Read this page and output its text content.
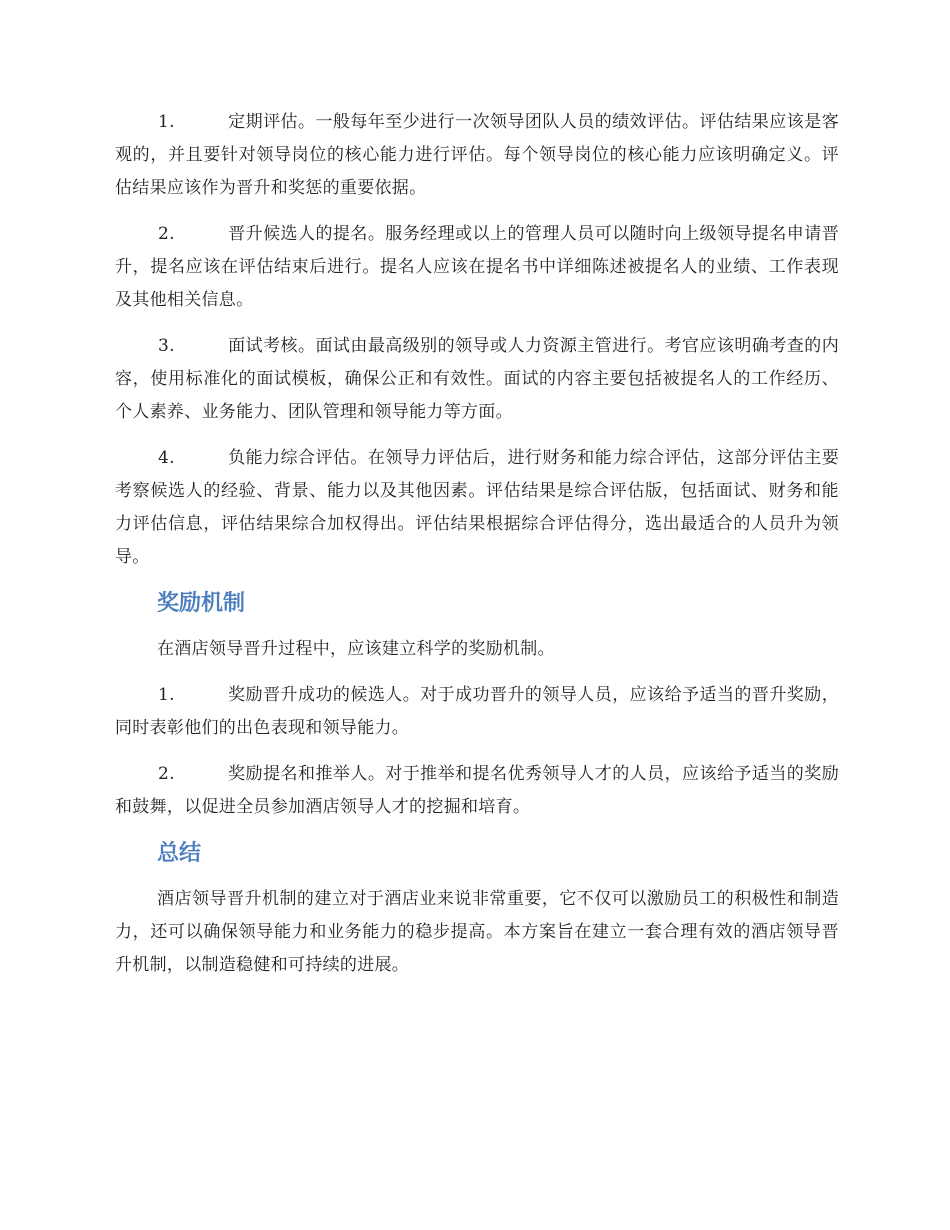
1.	定期评估。一般每年至少进行一次领导团队人员的绩效评估。评估结果应该是客观的，并且要针对领导岗位的核心能力进行评估。每个领导岗位的核心能力应该明确定义。评估结果应该作为晋升和奖惩的重要依据。

2.	晋升候选人的提名。服务经理或以上的管理人员可以随时向上级领导提名申请晋升，提名应该在评估结束后进行。提名人应该在提名书中详细陈述被提名人的业绩、工作表现及其他相关信息。

3.	面试考核。面试由最高级别的领导或人力资源主管进行。考官应该明确考查的内容，使用标准化的面试模板，确保公正和有效性。面试的内容主要包括被提名人的工作经历、个人素养、业务能力、团队管理和领导能力等方面。

4.	负能力综合评估。在领导力评估后，进行财务和能力综合评估，这部分评估主要考察候选人的经验、背景、能力以及其他因素。评估结果是综合评估版，包括面试、财务和能力评估信息，评估结果综合加权得出。评估结果根据综合评估得分，选出最适合的人员升为领导。

奖励机制

在酒店领导晋升过程中，应该建立科学的奖励机制。

1.	奖励晋升成功的候选人。对于成功晋升的领导人员，应该给予适当的晋升奖励，同时表彰他们的出色表现和领导能力。

2.	奖励提名和推举人。对于推举和提名优秀领导人才的人员，应该给予适当的奖励和鼓舞，以促进全员参加酒店领导人才的挖掘和培育。

总结

酒店领导晋升机制的建立对于酒店业来说非常重要，它不仅可以激励员工的积极性和制造力，还可以确保领导能力和业务能力的稳步提高。本方案旨在建立一套合理有效的酒店领导晋升机制，以制造稳健和可持续的进展。
